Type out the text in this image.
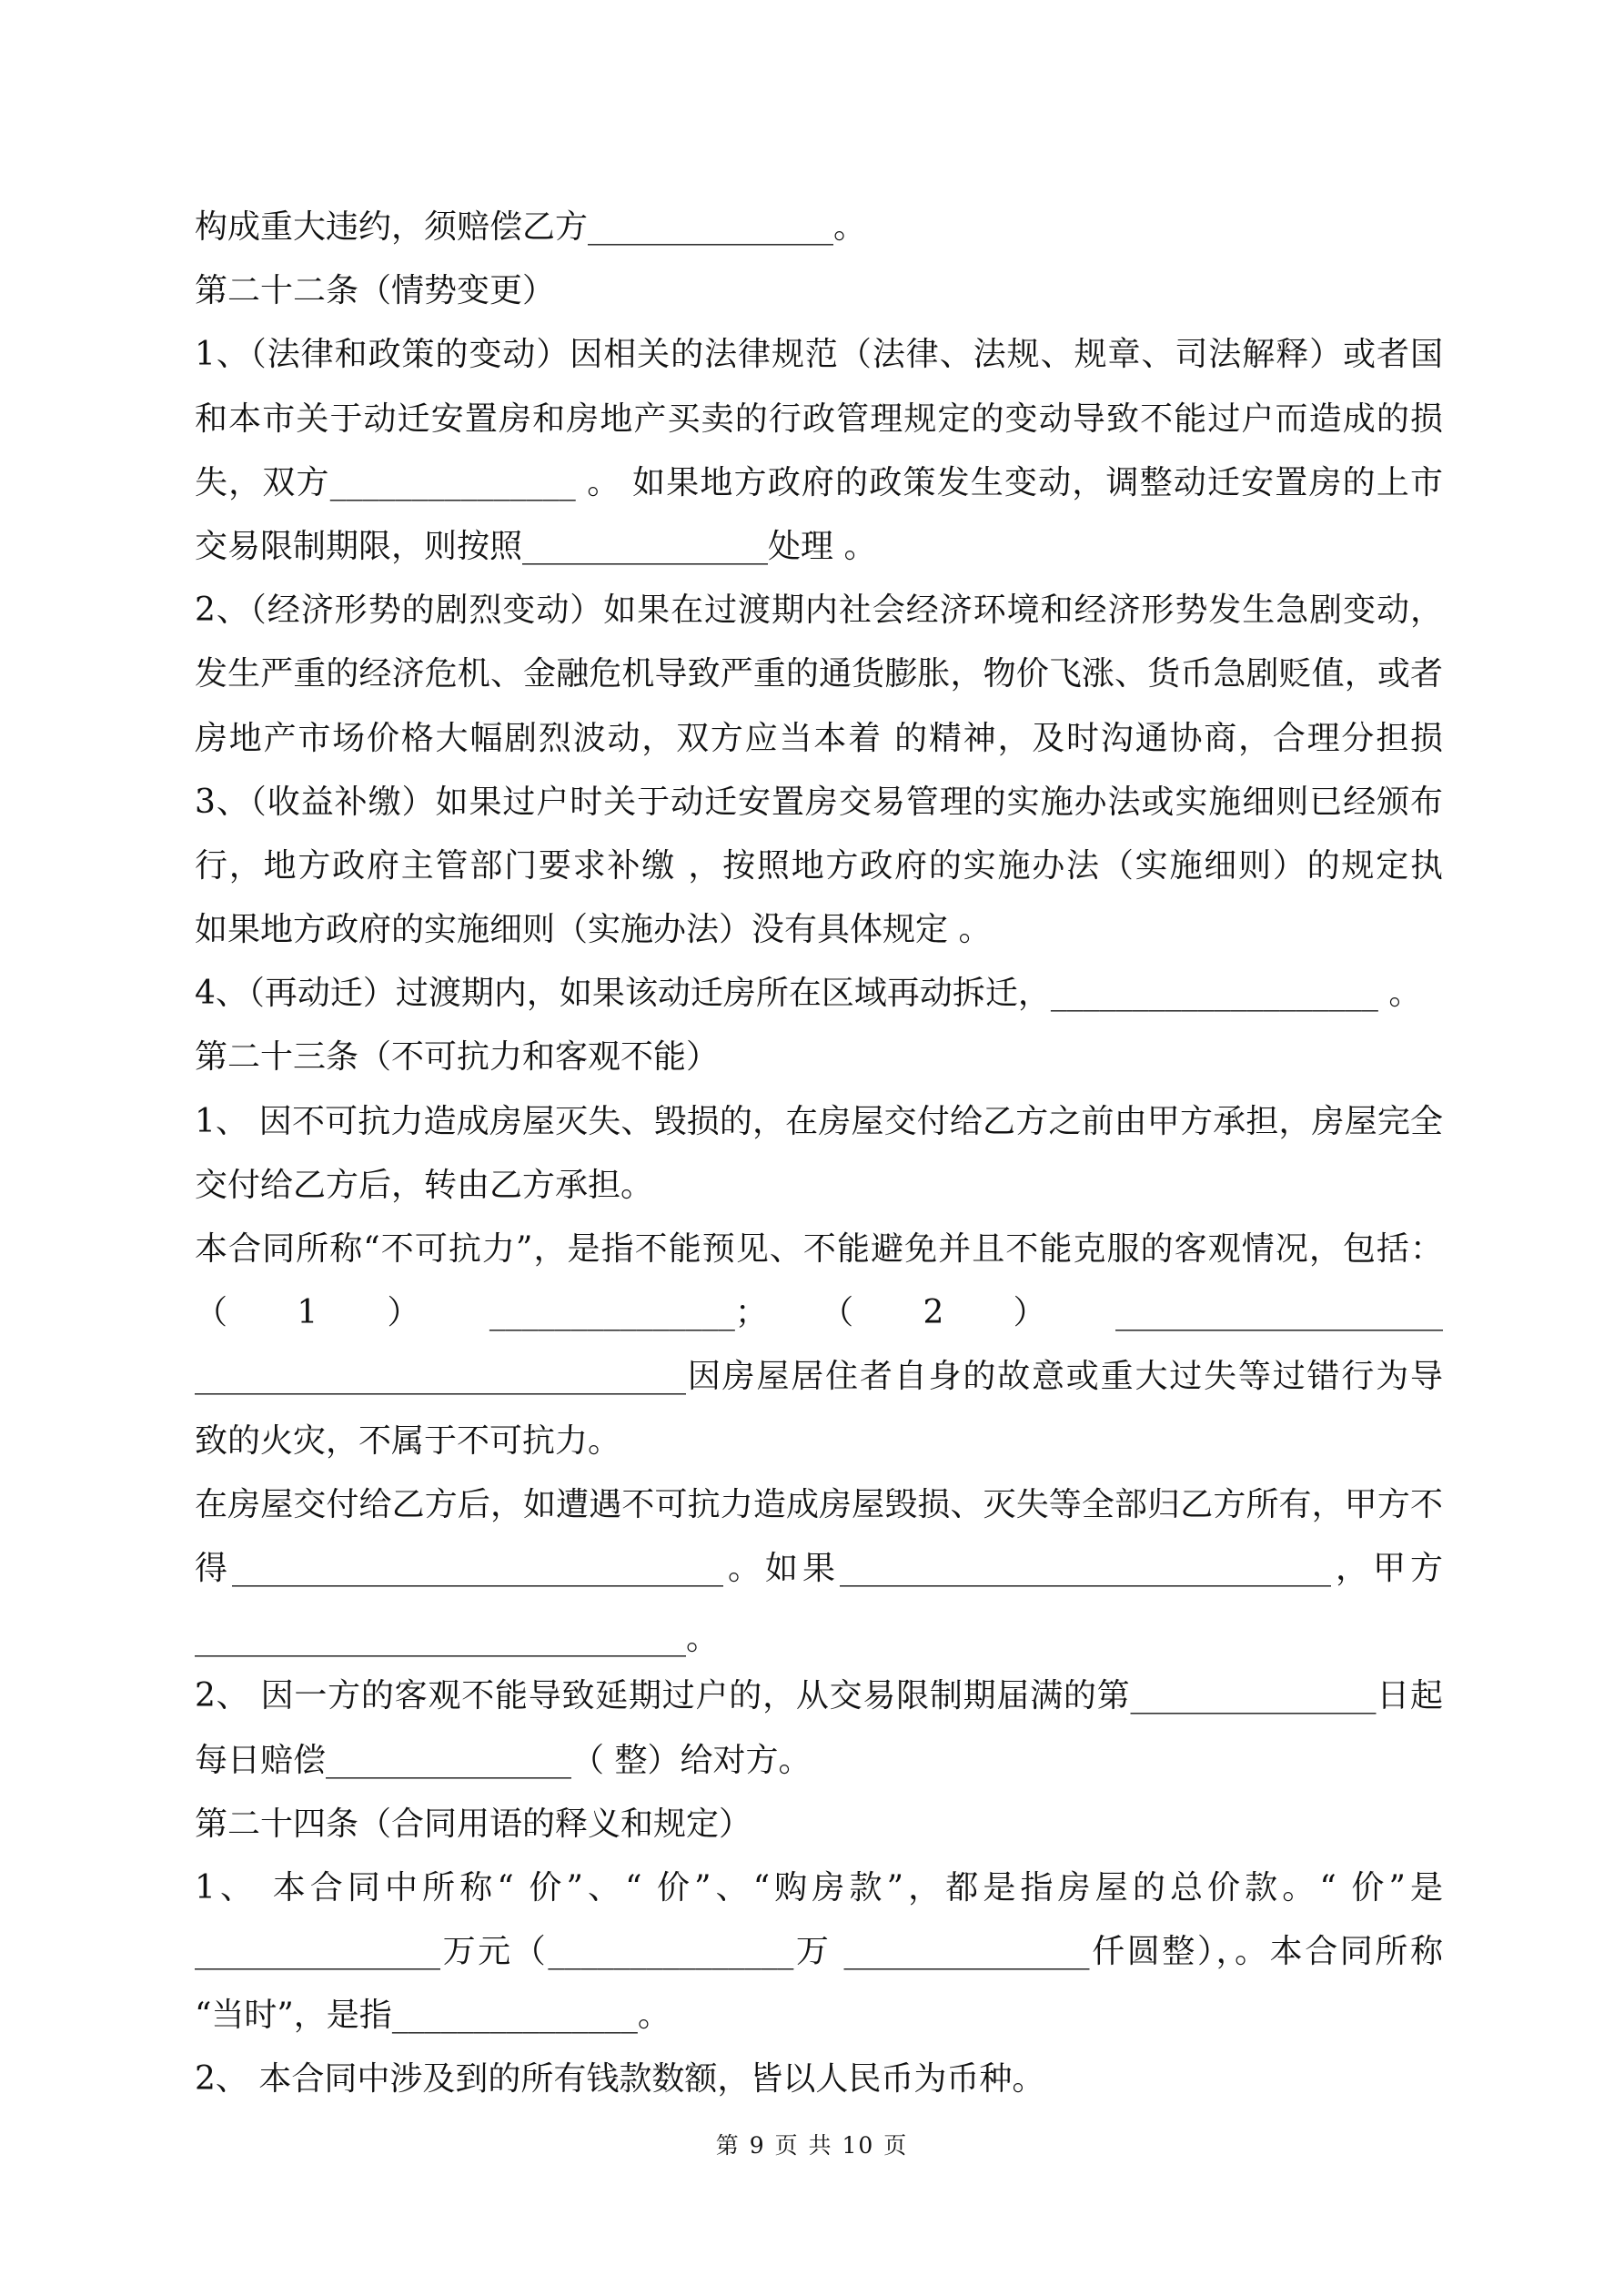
构成重大违约，须赔偿乙方_______________。
第二十二条（情势变更）
1、（法律和政策的变动）因相关的法律规范（法律、法规、规章、司法解释）或者国
和本市关于动迁安置房和房地产买卖的行政管理规定的变动导致不能过户而造成的损
失，双方_______________ 。 如果地方政府的政策发生变动，调整动迁安置房的上市
交易限制期限，则按照_______________处理 。
2、（经济形势的剧烈变动）如果在过渡期内社会经济环境和经济形势发生急剧变动，
发生严重的经济危机、金融危机导致严重的通货膨胀，物价飞涨、货币急剧贬值，或者
房地产市场价格大幅剧烈波动，双方应当本着 的精神，及时沟通协商，合理分担损
3、（收益补缴）如果过户时关于动迁安置房交易管理的实施办法或实施细则已经颁布
行，地方政府主管部门要求补缴 ，按照地方政府的实施办法（实施细则）的规定执
如果地方政府的实施细则（实施办法）没有具体规定 。
4、（再动迁）过渡期内，如果该动迁房所在区域再动拆迁，____________________ 。
第二十三条（不可抗力和客观不能）
1、 因不可抗力造成房屋灭失、毁损的，在房屋交付给乙方之前由甲方承担，房屋完全
交付给乙方后，转由乙方承担。
本合同所称“不可抗力”，是指不能预见、不能避免并且不能克服的客观情况，包括：
（1）_______________；（2）____________________
______________________________因房屋居住者自身的故意或重大过失等过错行为导
致的火灾，不属于不可抗力。
在房屋交付给乙方后，如遭遇不可抗力造成房屋毁损、灭失等全部归乙方所有，甲方不
得______________________________。如果______________________________，甲方
______________________________。
2、 因一方的客观不能导致延期过户的，从交易限制期届满的第_______________日起
每日赔偿_______________（ 整）给对方。
第二十四条（合同用语的释义和规定）
1、 本合同中所称“ 价”、“ 价”、“购房款”，都是指房屋的总价款。“ 价”是
_______________万元（_______________万 _______________仟圆整），。本合同所称
“当时”，是指_______________。
2、 本合同中涉及到的所有钱款数额，皆以人民币为币种。
第 9 页 共 10 页
